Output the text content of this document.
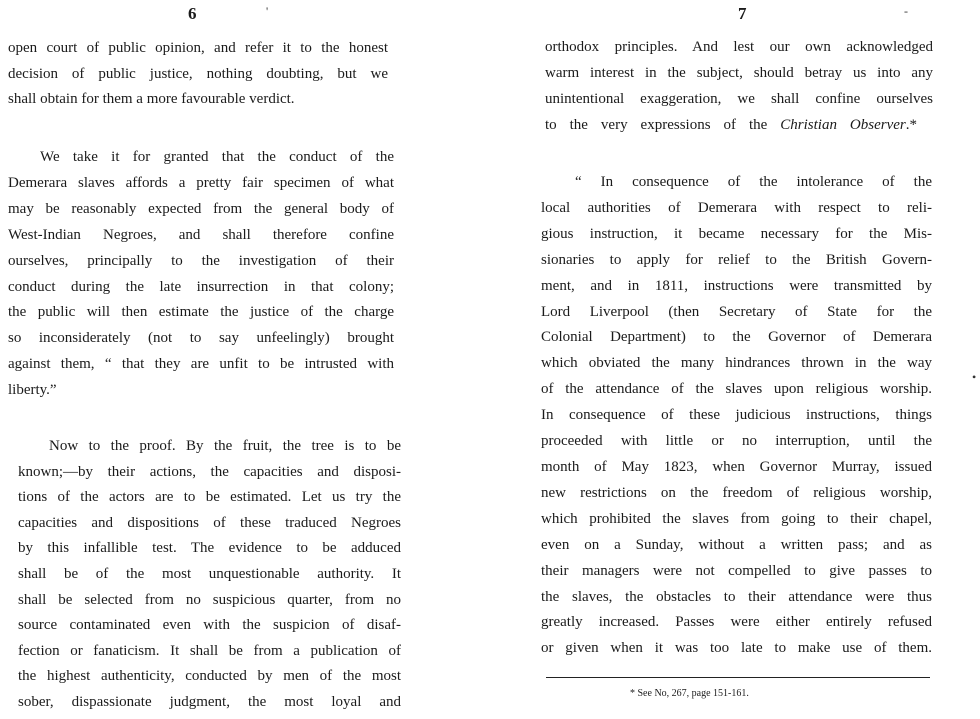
6
open court of public opinion, and refer it to the honest
decision of public justice, nothing doubting, but we
shall obtain for them a more favourable verdict.
We take it for granted that the conduct of the
Demerara slaves affords a pretty fair specimen of what
may be reasonably expected from the general body of
West-Indian Negroes, and shall therefore confine
ourselves, principally to the investigation of their
conduct during the late insurrection in that colony;
the public will then estimate the justice of the charge
so inconsiderately (not to say unfeelingly) brought
against them, “ that they are unfit to be intrusted with
liberty.”
Now to the proof. By the fruit, the tree is to be
known;—by their actions, the capacities and disposi-
tions of the actors are to be estimated. Let us try the
capacities and dispositions of these traduced Negroes
by this infallible test. The evidence to be adduced
shall be of the most unquestionable authority. It
shall be selected from no suspicious quarter, from no
source contaminated even with the suspicion of disaf-
fection or fanaticism. It shall be from a publication of
the highest authenticity, conducted by men of the most
sober, dispassionate judgment, the most loyal and
'	7
orthodox principles. And lest our own acknowledged
warm interest in the subject, should betray us into any
unintentional exaggeration, we shall confine ourselves
to the very expressions of the Christian Observer.*
“ In consequence of the intolerance of the
local authorities of Demerara with respect to reli-
gious instruction, it became necessary for the Mis-
sionaries to apply for relief to the British Govern-
ment, and in 1811, instructions were transmitted by
Lord Liverpool (then Secretary of State for the
Colonial Department) to the Governor of Demerara
which obviated the many hindrances thrown in the way
of the attendance of the slaves upon religious worship.
In consequence of these judicious instructions, things
proceeded with little or no interruption, until the
month of May 1823, when Governor Murray, issued
new restrictions on the freedom of religious worship,
which prohibited the slaves from going to their chapel,
even on a Sunday, without a written pass; and as
their managers were not compelled to give passes to
the slaves, the obstacles to their attendance were thus
greatly increased. Passes were either entirely refused
or given when it was too late to make use of them.
-
•
* See No, 267, page 151-161.
